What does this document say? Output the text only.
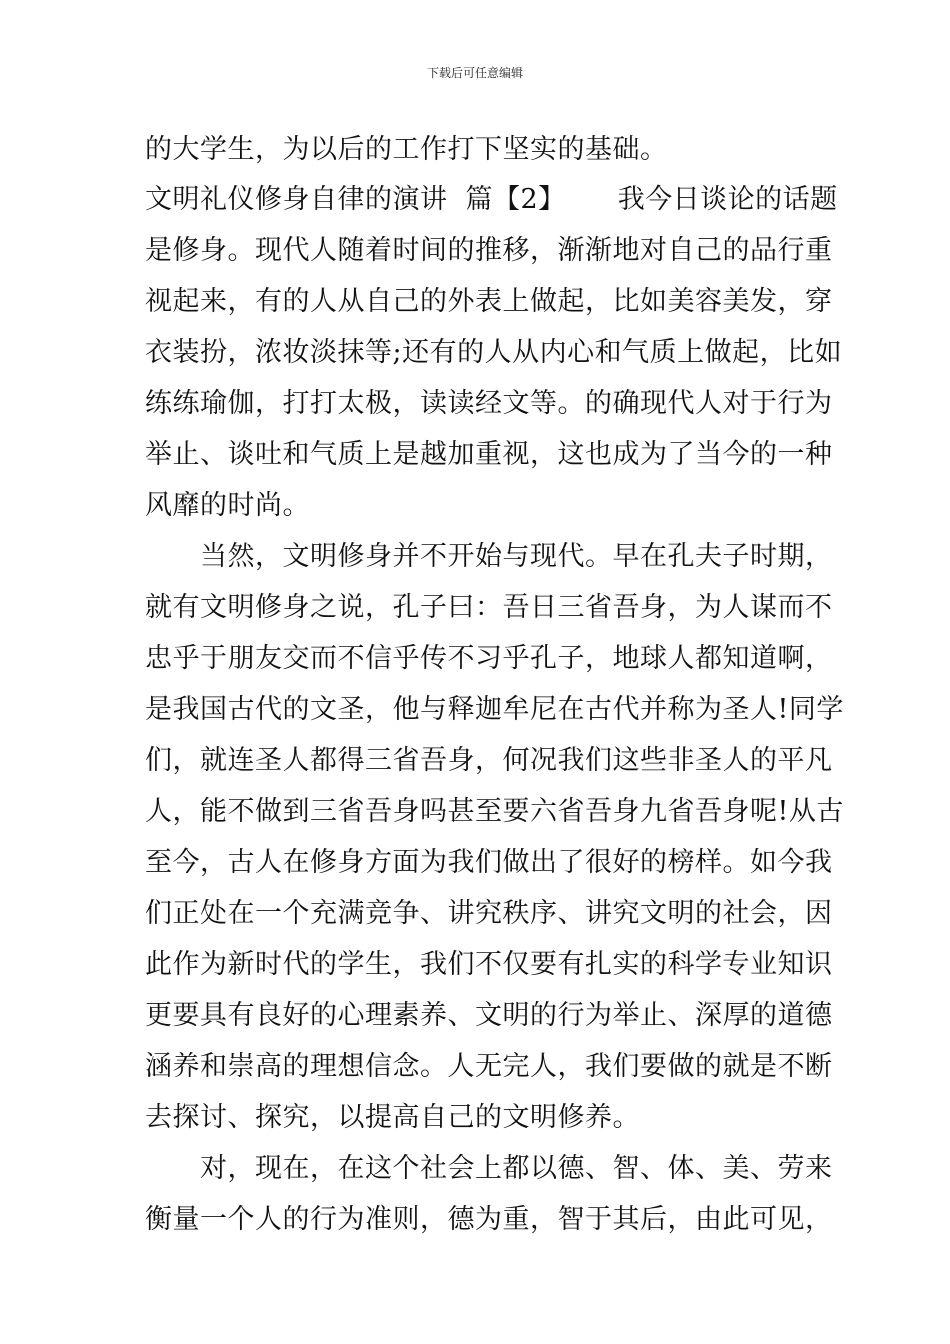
下载后可任意编辑
的大学生，为以后的工作打下坚实的基础。
文明礼仪修身自律的演讲 篇【2】 我今日谈论的话题
是修身。现代人随着时间的推移，渐渐地对自己的品行重
视起来，有的人从自己的外表上做起，比如美容美发，穿
衣装扮，浓妆淡抹等;还有的人从内心和气质上做起，比如
练练瑜伽，打打太极，读读经文等。的确现代人对于行为
举止、谈吐和气质上是越加重视，这也成为了当今的一种
风靡的时尚。
当然，文明修身并不开始与现代。早在孔夫子时期，
就有文明修身之说，孔子曰：吾日三省吾身，为人谋而不
忠乎于朋友交而不信乎传不习乎孔子，地球人都知道啊，
是我国古代的文圣，他与释迦牟尼在古代并称为圣人!同学
们，就连圣人都得三省吾身，何况我们这些非圣人的平凡
人，能不做到三省吾身吗甚至要六省吾身九省吾身呢!从古
至今，古人在修身方面为我们做出了很好的榜样。如今我
们正处在一个充满竞争、讲究秩序、讲究文明的社会，因
此作为新时代的学生，我们不仅要有扎实的科学专业知识
更要具有良好的心理素养、文明的行为举止、深厚的道德
涵养和崇高的理想信念。人无完人，我们要做的就是不断
去探讨、探究，以提高自己的文明修养。
对，现在，在这个社会上都以德、智、体、美、劳来
衡量一个人的行为准则，德为重，智于其后，由此可见，
